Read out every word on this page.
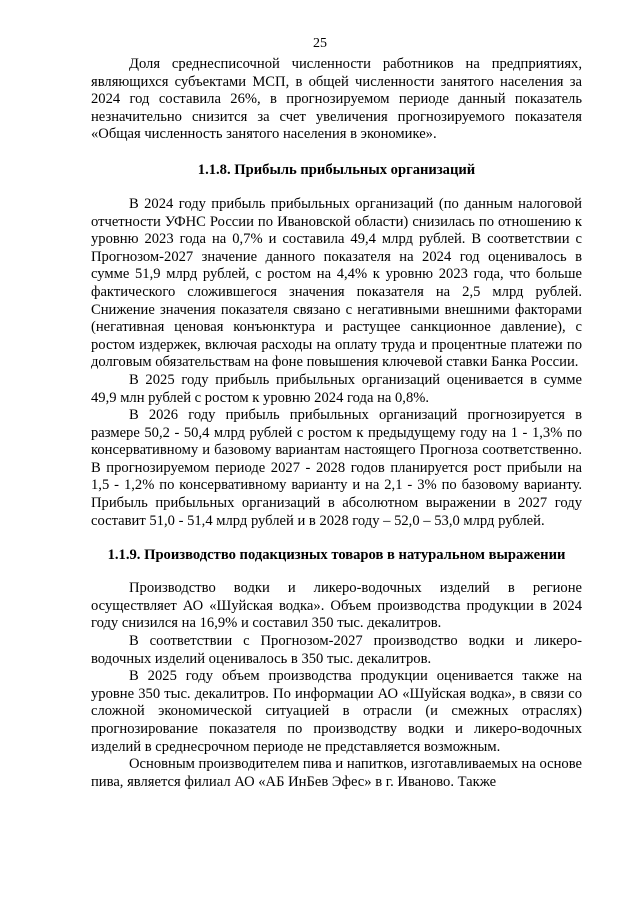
25

Доля среднесписочной численности работников на предприятиях, являющихся субъектами МСП, в общей численности занятого населения за 2024 год составила 26%, в прогнозируемом периоде данный показатель незначительно снизится за счет увеличения прогнозируемого показателя «Общая численность занятого населения в экономике».

1.1.8. Прибыль прибыльных организаций

В 2024 году прибыль прибыльных организаций (по данным налоговой отчетности УФНС России по Ивановской области) снизилась по отношению к уровню 2023 года на 0,7% и составила 49,4 млрд рублей. В соответствии с Прогнозом-2027 значение данного показателя на 2024 год оценивалось в сумме 51,9 млрд рублей, с ростом на 4,4% к уровню 2023 года, что больше фактического сложившегося значения показателя на 2,5 млрд рублей. Снижение значения показателя связано с негативными внешними факторами (негативная ценовая конъюнктура и растущее санкционное давление), с ростом издержек, включая расходы на оплату труда и процентные платежи по долговым обязательствам на фоне повышения ключевой ставки Банка России.

В 2025 году прибыль прибыльных организаций оценивается в сумме 49,9 млн рублей с ростом к уровню 2024 года на 0,8%.

В 2026 году прибыль прибыльных организаций прогнозируется в размере 50,2 - 50,4 млрд рублей с ростом к предыдущему году на 1 - 1,3% по консервативному и базовому вариантам настоящего Прогноза соответственно. В прогнозируемом периоде 2027 - 2028 годов планируется рост прибыли на 1,5 - 1,2% по консервативному варианту и на 2,1 - 3% по базовому варианту. Прибыль прибыльных организаций в абсолютном выражении в 2027 году составит 51,0 - 51,4 млрд рублей и в 2028 году – 52,0 – 53,0 млрд рублей.

1.1.9. Производство подакцизных товаров в натуральном выражении

Производство водки и ликеро-водочных изделий в регионе осуществляет АО «Шуйская водка». Объем производства продукции в 2024 году снизился на 16,9% и составил 350 тыс. декалитров.

В соответствии с Прогнозом-2027 производство водки и ликеро-водочных изделий оценивалось в 350 тыс. декалитров.

В 2025 году объем производства продукции оценивается также на уровне 350 тыс. декалитров. По информации АО «Шуйская водка», в связи со сложной экономической ситуацией в отрасли (и смежных отраслях) прогнозирование показателя по производству водки и ликеро-водочных изделий в среднесрочном периоде не представляется возможным.

Основным производителем пива и напитков, изготавливаемых на основе пива, является филиал АО «АБ ИнБев Эфес» в г. Иваново. Также
